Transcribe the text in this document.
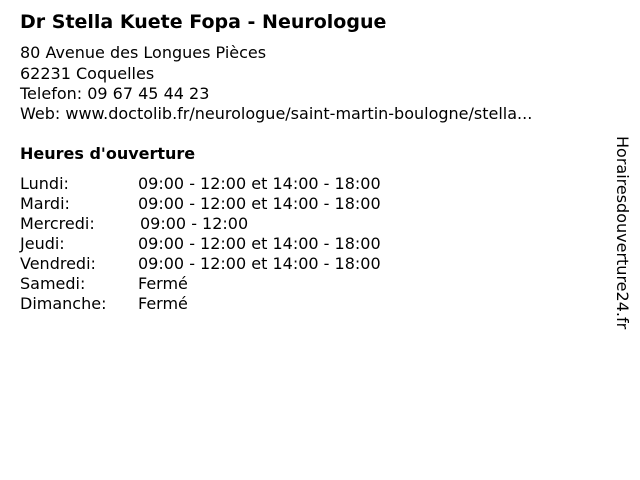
Dr Stella Kuete Fopa - Neurologue
80 Avenue des Longues Pièces
62231 Coquelles
Telefon: 09 67 45 44 23
Web: www.doctolib.fr/neurologue/saint-martin-boulogne/stella...
Heures d'ouverture
Lundi:	09:00 - 12:00 et 14:00 - 18:00
Mardi:	09:00 - 12:00 et 14:00 - 18:00
Mercredi:	09:00 - 12:00
Jeudi:	09:00 - 12:00 et 14:00 - 18:00
Vendredi:	09:00 - 12:00 et 14:00 - 18:00
Samedi:	Fermé
Dimanche: Fermé	Horairesdouverture24.fr
